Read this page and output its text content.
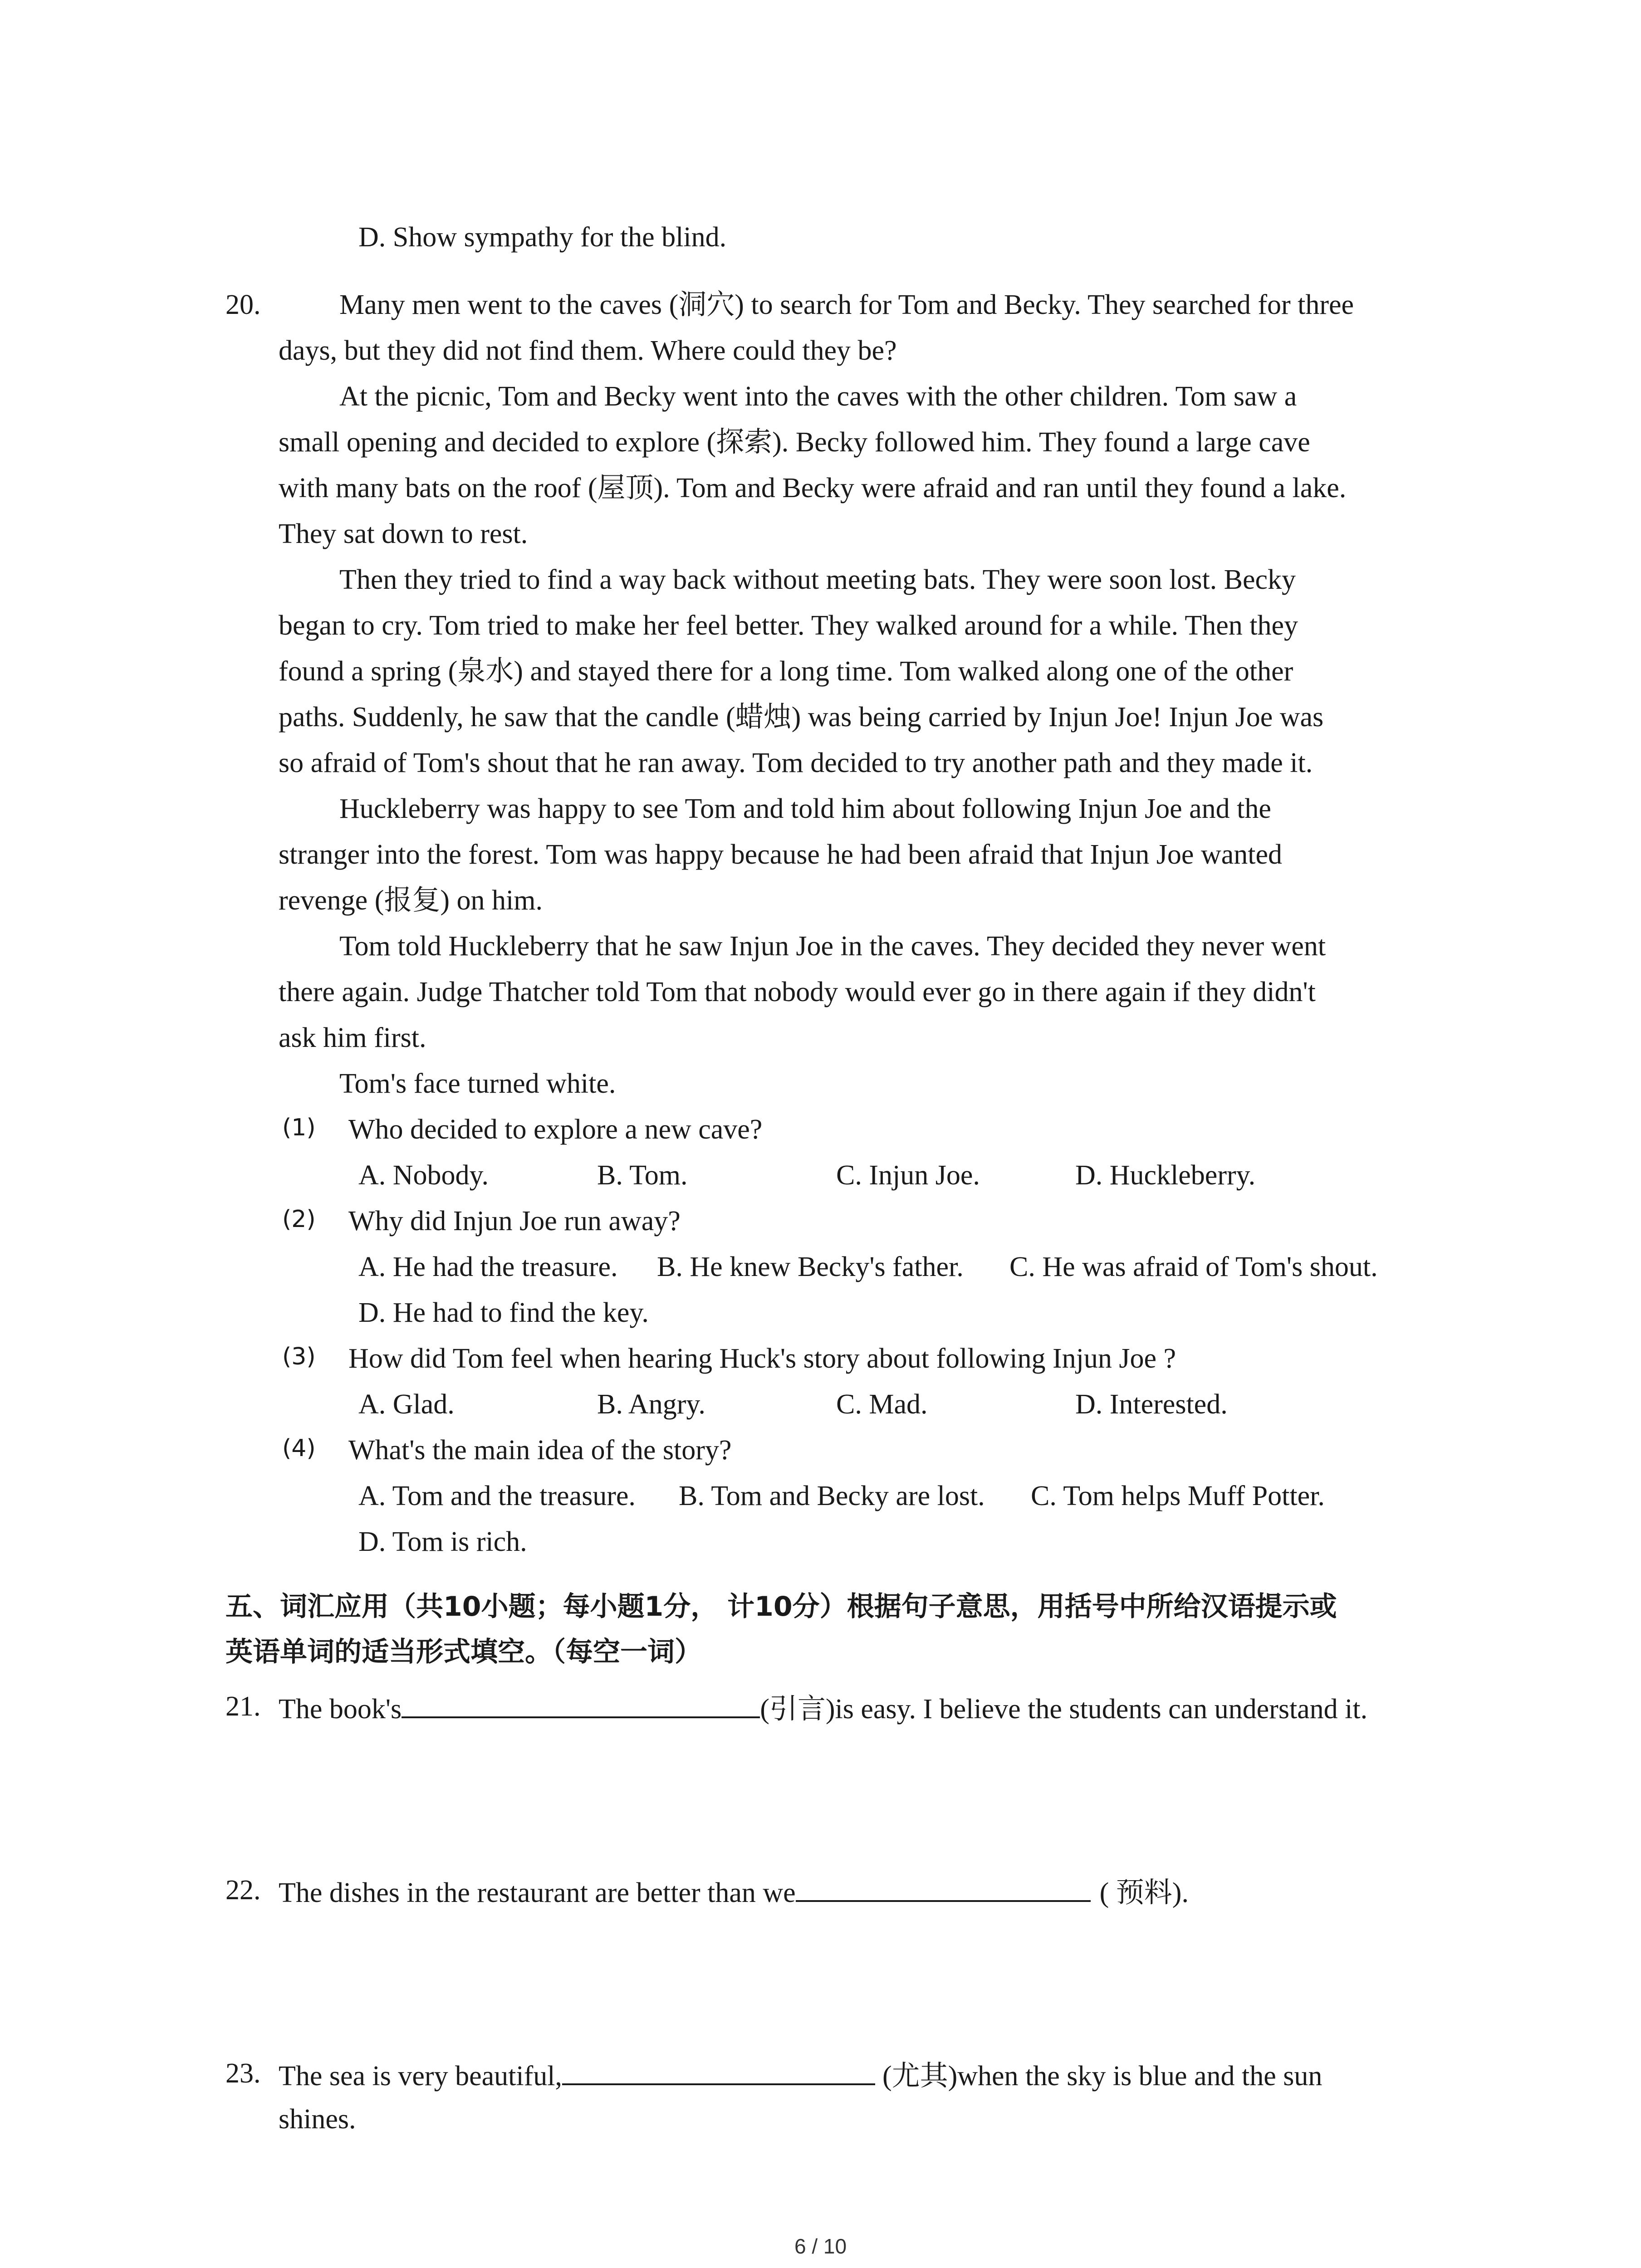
D. Show sympathy for the blind.
20.	Many men went to the caves (洞穴) to search for Tom and Becky. They searched for three
days, but they did not find them. Where could they be?
At the picnic, Tom and Becky went into the caves with the other children. Tom saw a
small opening and decided to explore (探索). Becky followed him. They found a large cave
with many bats on the roof (屋顶). Tom and Becky were afraid and ran until they found a lake.
They sat down to rest.
Then they tried to find a way back without meeting bats. They were soon lost. Becky
began to cry. Tom tried to make her feel better. They walked around for a while. Then they
found a spring (泉水) and stayed there for a long time. Tom walked along one of the other
paths. Suddenly, he saw that the candle (蜡烛) was being carried by Injun Joe! Injun Joe was
so afraid of Tom's shout that he ran away. Tom decided to try another path and they made it.
Huckleberry was happy to see Tom and told him about following Injun Joe and the
stranger into the forest. Tom was happy because he had been afraid that Injun Joe wanted
revenge (报复) on him.
Tom told Huckleberry that he saw Injun Joe in the caves. They decided they never went
there again. Judge Thatcher told Tom that nobody would ever go in there again if they didn't
ask him first.
Tom's face turned white.
(1) Who decided to explore a new cave?
A. Nobody.	B. Tom.	C. Injun Joe.	D. Huckleberry.
(2) Why did Injun Joe run away?
A. He had the treasure. B. He knew Becky's father. C. He was afraid of Tom's shout.
D. He had to find the key.
(3) How did Tom feel when hearing Huck's story about following Injun Joe ?
A. Glad.	B. Angry.	C. Mad.	D. Interested.
(4) What's the main idea of the story?
A. Tom and the treasure. B. Tom and Becky are lost. C. Tom helps Muff Potter.
D. Tom is rich.
五、词汇应用（共10小题；每小题1分， 计10分）根据句子意思，用括号中所给汉语提示或
英语单词的适当形式填空。（每空一词）
21. The book's	(引言)is easy. I believe the students can understand it.
22. The dishes in the restaurant are better than we	( 预料).
23. The sea is very beautiful,	(尤其)when the sky is blue and the sun
shines.
6 / 10
